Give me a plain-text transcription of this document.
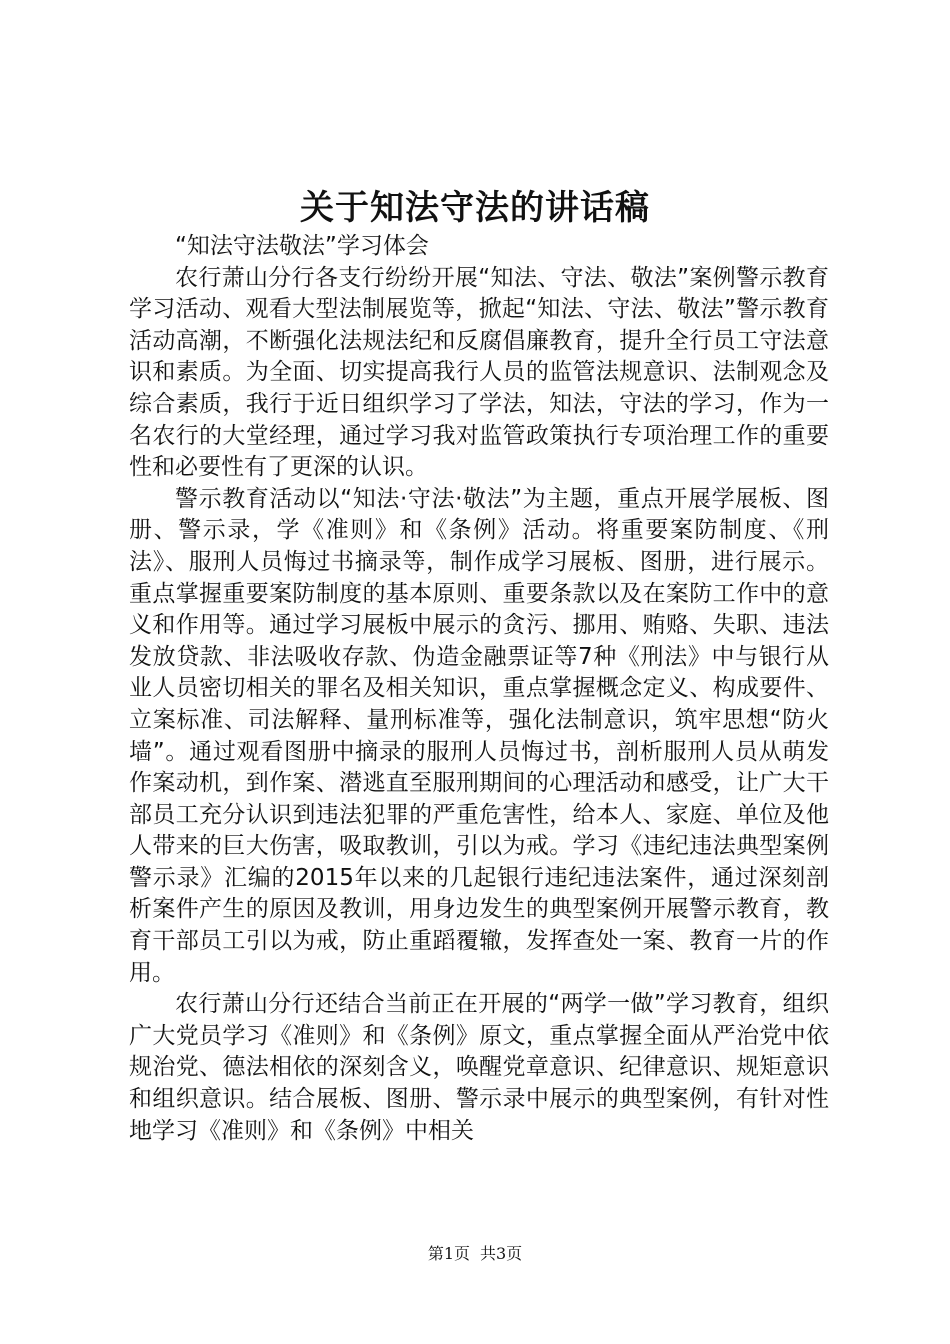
关于知法守法的讲话稿

“知法守法敬法”学习体会

农行萧山分行各支行纷纷开展“知法、守法、敬法”案例警示教育学习活动、观看大型法制展览等，掀起“知法、守法、敬法”警示教育活动高潮，不断强化法规法纪和反腐倡廉教育，提升全行员工守法意识和素质。为全面、切实提高我行人员的监管法规意识、法制观念及综合素质，我行于近日组织学习了学法，知法，守法的学习，作为一名农行的大堂经理，通过学习我对监管政策执行专项治理工作的重要性和必要性有了更深的认识。

警示教育活动以“知法·守法·敬法”为主题，重点开展学展板、图册、警示录，学《准则》和《条例》活动。将重要案防制度、《刑法》、服刑人员悔过书摘录等，制作成学习展板、图册，进行展示。重点掌握重要案防制度的基本原则、重要条款以及在案防工作中的意义和作用等。通过学习展板中展示的贪污、挪用、贿赂、失职、违法发放贷款、非法吸收存款、伪造金融票证等7种《刑法》中与银行从业人员密切相关的罪名及相关知识，重点掌握概念定义、构成要件、立案标准、司法解释、量刑标准等，强化法制意识，筑牢思想“防火墙”。通过观看图册中摘录的服刑人员悔过书，剖析服刑人员从萌发作案动机，到作案、潜逃直至服刑期间的心理活动和感受，让广大干部员工充分认识到违法犯罪的严重危害性，给本人、家庭、单位及他人带来的巨大伤害，吸取教训，引以为戒。学习《违纪违法典型案例警示录》汇编的2015年以来的几起银行违纪违法案件，通过深刻剖析案件产生的原因及教训，用身边发生的典型案例开展警示教育，教育干部员工引以为戒，防止重蹈覆辙，发挥查处一案、教育一片的作用。

农行萧山分行还结合当前正在开展的“两学一做”学习教育，组织广大党员学习《准则》和《条例》原文，重点掌握全面从严治党中依规治党、德法相依的深刻含义，唤醒党章意识、纪律意识、规矩意识和组织意识。结合展板、图册、警示录中展示的典型案例，有针对性地学习《准则》和《条例》中相关

第1页 共3页
